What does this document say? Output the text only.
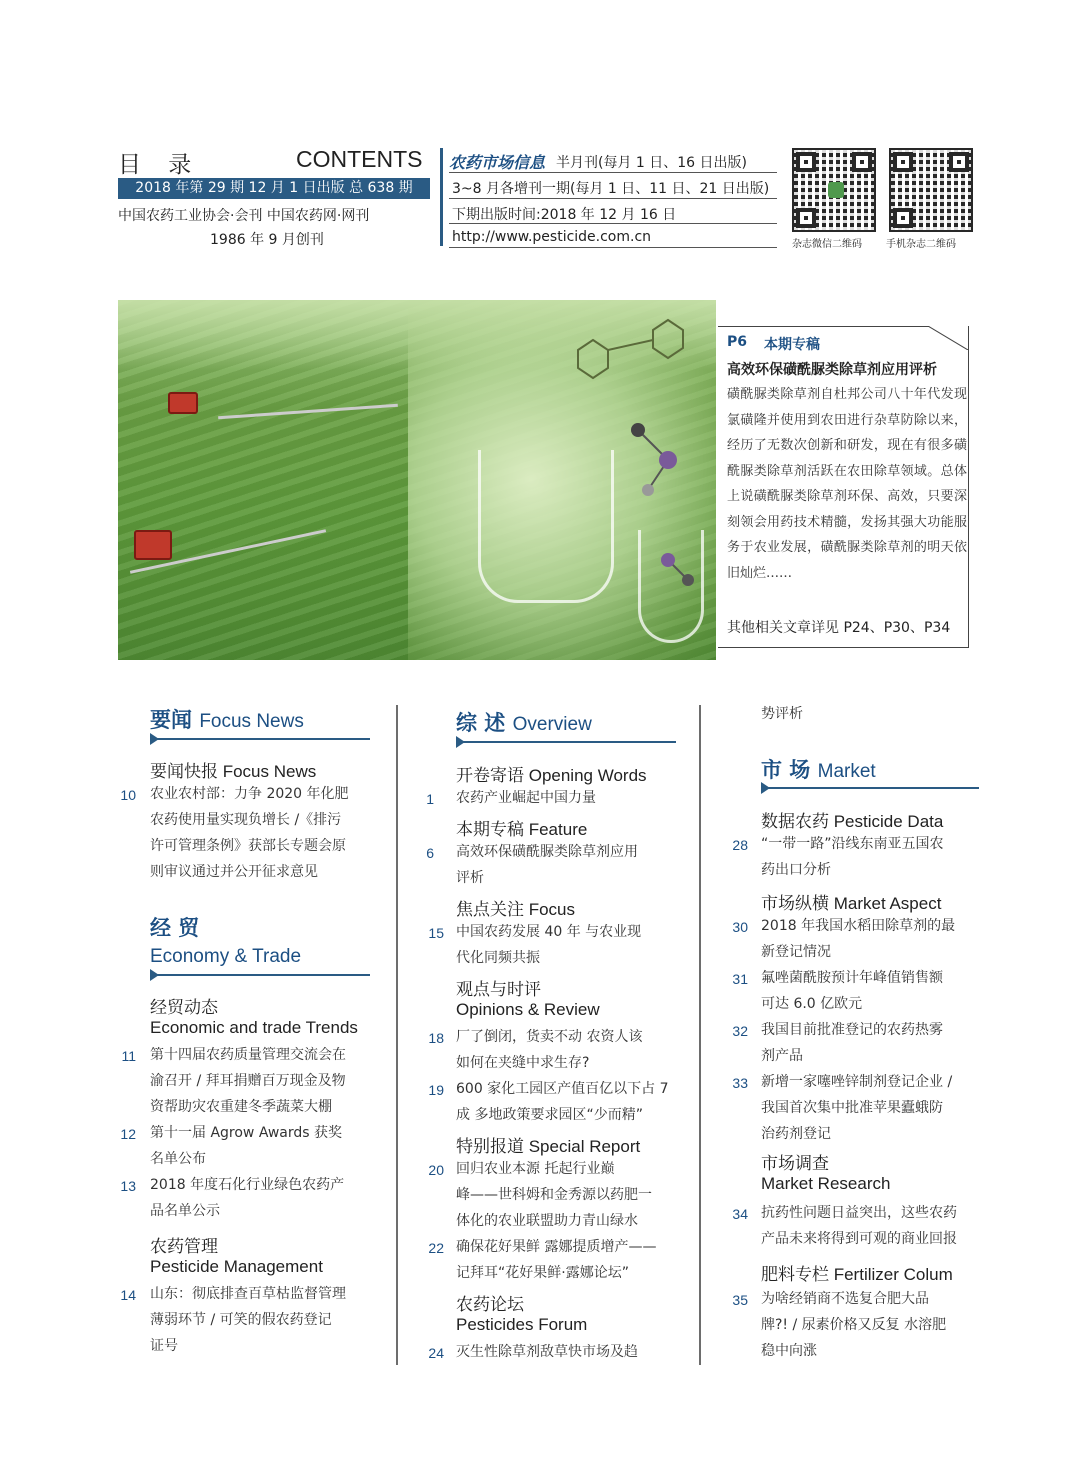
目 录	CONTENTS
2018 年第 29 期 12 月 1 日出版 总 638 期
中国农药工业协会·会刊 中国农药网·网刊
1986 年 9 月创刊
农药市场信息 半月刊(每月 1 日、16 日出版)
3~8 月各增刊一期(每月 1 日、11 日、21 日出版)
下期出版时间:2018 年 12 月 16 日
http://www.pesticide.com.cn	杂志微信二维码 手机杂志二维码
P6 本期专稿
高效环保磺酰脲类除草剂应用评析
磺酰脲类除草剂自杜邦公司八十年代发现氯磺隆并使用到农田进行杂草防除以来，经历了无数次创新和研发，现在有很多磺酰脲类除草剂活跃在农田除草领域。总体上说磺酰脲类除草剂环保、高效，只要深刻领会用药技术精髓，发扬其强大功能服务于农业发展，磺酰脲类除草剂的明天依旧灿烂……
其他相关文章详见 P24、P30、P34
要闻 Focus News
要闻快报 Focus News
10 农业农村部：力争 2020 年化肥
农药使用量实现负增长 /《排污
许可管理条例》获部长专题会原
则审议通过并公开征求意见
经 贸
Economy & Trade
经贸动态
Economic and trade Trends
11 第十四届农药质量管理交流会在
渝召开 / 拜耳捐赠百万现金及物
资帮助灾农重建冬季蔬菜大棚
12 第十一届 Agrow Awards 获奖
名单公布
13 2018 年度石化行业绿色农药产
品名单公示
农药管理
Pesticide Management
14 山东：彻底排查百草枯监督管理
薄弱环节 / 可笑的假农药登记
证号
综 述 Overview
开卷寄语 Opening Words
1 农药产业崛起中国力量
本期专稿 Feature
6 高效环保磺酰脲类除草剂应用
评析
焦点关注 Focus
15 中国农药发展 40 年 与农业现
代化同频共振
观点与时评
Opinions & Review
18 厂了倒闭，货卖不动 农资人该
如何在夹缝中求生存?
19 600 家化工园区产值百亿以下占 7
成 多地政策要求园区“少而精”
特别报道 Special Report
20 回归农业本源 托起行业巅
峰——世科姆和金秀源以药肥一
体化的农业联盟助力青山绿水
22 确保花好果鲜 露娜提质增产——
记拜耳“花好果鲜·露娜论坛”
农药论坛
Pesticides Forum
24 灭生性除草剂敌草快市场及趋
势评析
市 场 Market
数据农药 Pesticide Data
28 “一带一路”沿线东南亚五国农
药出口分析
市场纵横 Market Aspect
30 2018 年我国水稻田除草剂的最
新登记情况
31 氟唑菌酰胺预计年峰值销售额
可达 6.0 亿欧元
32 我国目前批准登记的农药热雾
剂产品
33 新增一家噻唑锌制剂登记企业 /
我国首次集中批准苹果蠹蛾防
治药剂登记
市场调查
Market Research
34 抗药性问题日益突出，这些农药
产品未来将得到可观的商业回报
肥料专栏 Fertilizer Colum
35 为啥经销商不选复合肥大品
牌?! / 尿素价格又反复 水溶肥
稳中向涨
